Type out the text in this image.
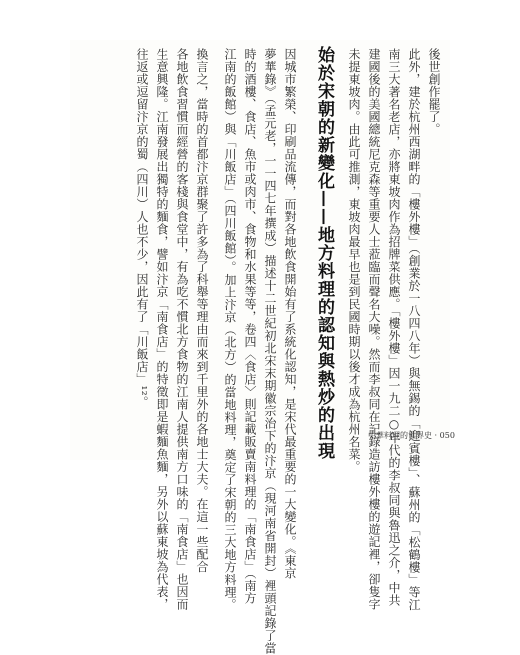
後世創作罷了。
此外，建於杭州西湖畔的「樓外樓」（創業於一八四八年）與無錫的「迎賓樓」、蘇州的「松鶴樓」等江
南三大著名老店，亦將東坡肉作為招牌菜供應。「樓外樓」因一九二○年代的李叔同與魯迅之介，中共
建國後的美國總統尼克森等重要人士蒞臨而聲名大噪。然而李叔同在記錄造訪樓外樓的遊記裡，卻隻字
未提東坡肉。由此可推測，東坡肉最早也是到民國時期以後才成為杭州名菜。
始於宋朝的新變化——地方料理的認知與熱炒的出現
因城市繁榮、印刷品流傳，而對各地飲食開始有了系統化認知，是宋代最重要的一大變化。《東京
夢華錄》（孟元老，一一四七年撰成）描述十二世紀初北宋末期徽宗治下的汴京（現河南省開封）裡頭記錄了當
時的酒樓、食店、魚市或肉市、食物和水果等等，卷四〈食店〉則記載販賣南料理的「南食店」（南方
江南的飯館）與「川飯店」（四川飯館）。加上汴京（北方）的當地料理，奠定了宋朝的三大地方料理。
換言之，當時的首都汴京群聚了許多為了科舉等理由而來到千里外的各地士大夫。在這一些配合
各地飲食習慣而經營的客棧與食堂中，有為吃不慣北方食物的江南人提供南方口味的「南食店」也因而
生意興隆。江南發展出獨特的麵食，譬如汴京「南食店」的特徵即是蝦麵魚麵，另外以蘇東坡為代表，
往返或逗留汴京的蜀（四川）人也不少，因此有了「川飯店」¹²。
中華料理的世界史 · 050
